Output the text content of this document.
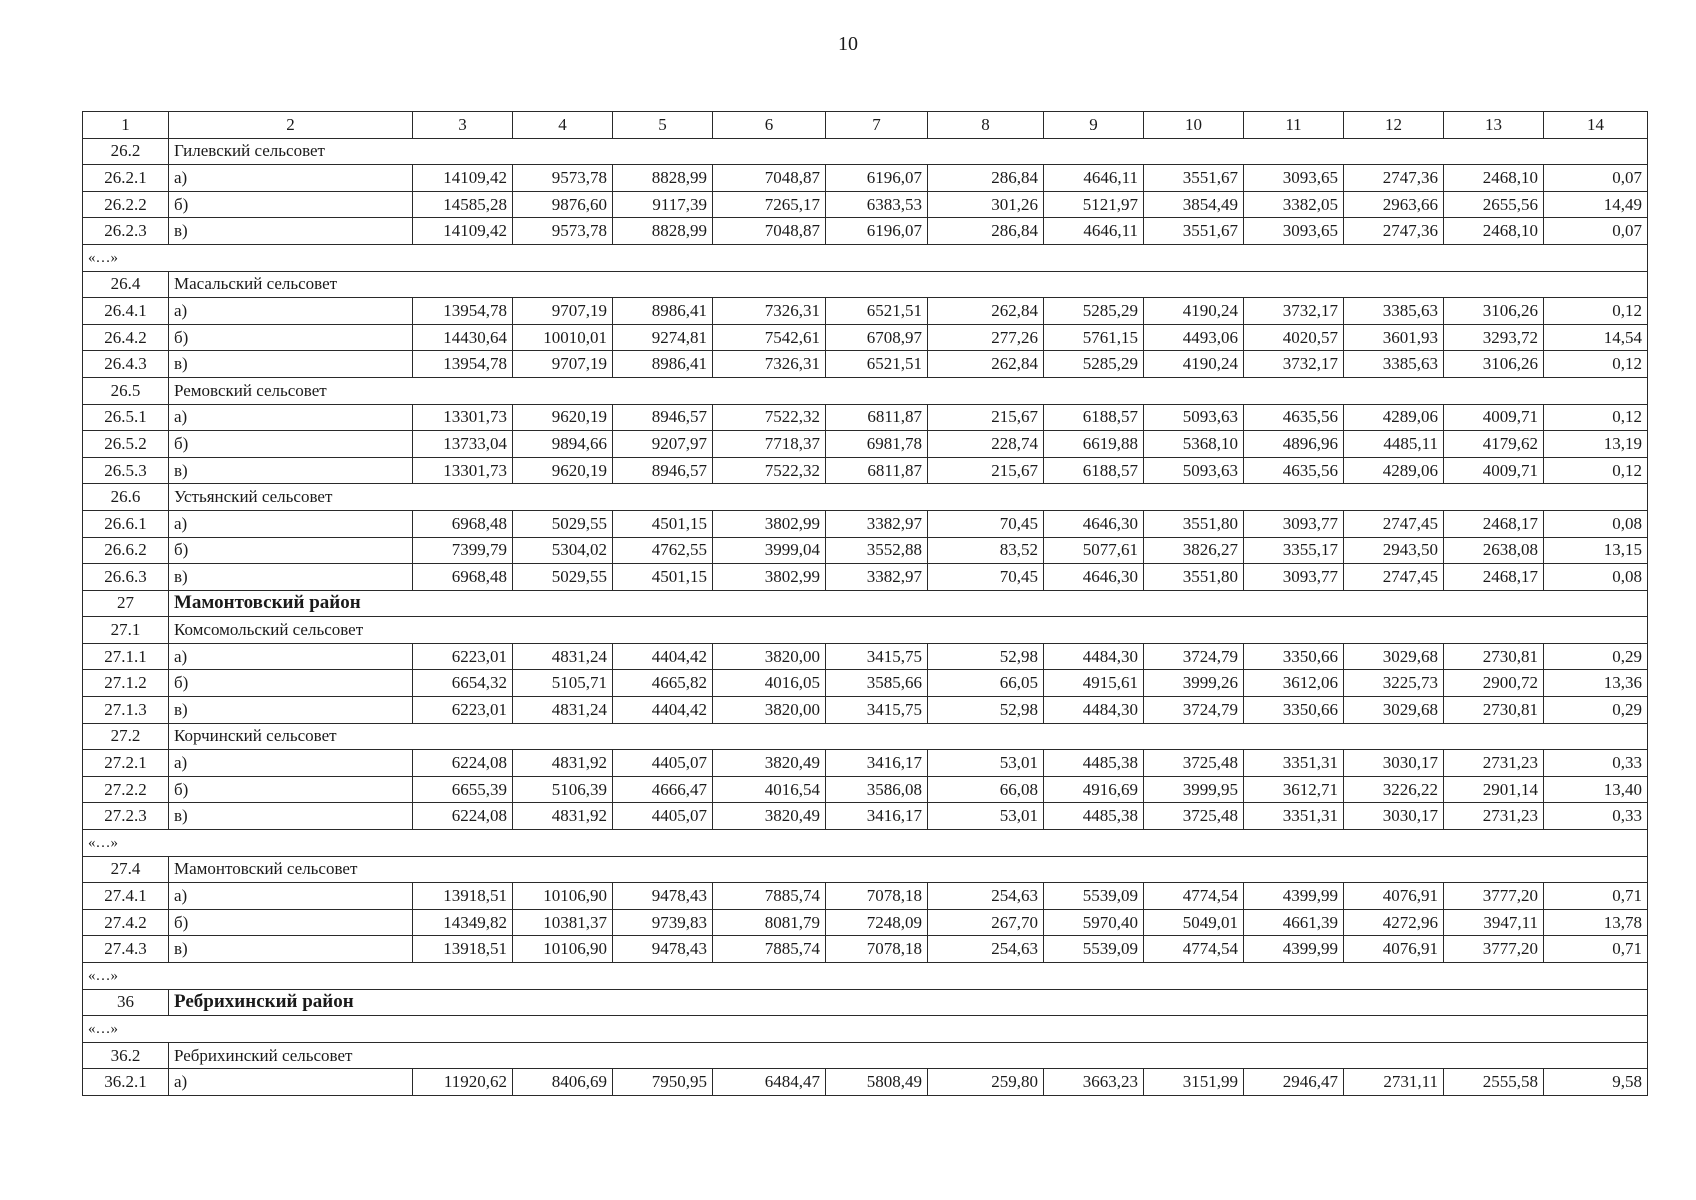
10
1	2	3	4	5	6	7	8	9	10	11	12	13	14
26.2	Гилевский сельсовет												
26.2.1	а)	14109,42	9573,78	8828,99	7048,87	6196,07	286,84	4646,11	3551,67	3093,65	2747,36	2468,10	0,07
26.2.2	б)	14585,28	9876,60	9117,39	7265,17	6383,53	301,26	5121,97	3854,49	3382,05	2963,66	2655,56	14,49
26.2.3	в)	14109,42	9573,78	8828,99	7048,87	6196,07	286,84	4646,11	3551,67	3093,65	2747,36	2468,10	0,07
«…»													
26.4	Масальский сельсовет												
26.4.1	а)	13954,78	9707,19	8986,41	7326,31	6521,51	262,84	5285,29	4190,24	3732,17	3385,63	3106,26	0,12
26.4.2	б)	14430,64	10010,01	9274,81	7542,61	6708,97	277,26	5761,15	4493,06	4020,57	3601,93	3293,72	14,54
26.4.3	в)	13954,78	9707,19	8986,41	7326,31	6521,51	262,84	5285,29	4190,24	3732,17	3385,63	3106,26	0,12
26.5	Ремовский сельсовет												
26.5.1	а)	13301,73	9620,19	8946,57	7522,32	6811,87	215,67	6188,57	5093,63	4635,56	4289,06	4009,71	0,12
26.5.2	б)	13733,04	9894,66	9207,97	7718,37	6981,78	228,74	6619,88	5368,10	4896,96	4485,11	4179,62	13,19
26.5.3	в)	13301,73	9620,19	8946,57	7522,32	6811,87	215,67	6188,57	5093,63	4635,56	4289,06	4009,71	0,12
26.6	Устьянский сельсовет												
26.6.1	а)	6968,48	5029,55	4501,15	3802,99	3382,97	70,45	4646,30	3551,80	3093,77	2747,45	2468,17	0,08
26.6.2	б)	7399,79	5304,02	4762,55	3999,04	3552,88	83,52	5077,61	3826,27	3355,17	2943,50	2638,08	13,15
26.6.3	в)	6968,48	5029,55	4501,15	3802,99	3382,97	70,45	4646,30	3551,80	3093,77	2747,45	2468,17	0,08
27	Мамонтовский район												
27.1	Комсомольский сельсовет												
27.1.1	а)	6223,01	4831,24	4404,42	3820,00	3415,75	52,98	4484,30	3724,79	3350,66	3029,68	2730,81	0,29
27.1.2	б)	6654,32	5105,71	4665,82	4016,05	3585,66	66,05	4915,61	3999,26	3612,06	3225,73	2900,72	13,36
27.1.3	в)	6223,01	4831,24	4404,42	3820,00	3415,75	52,98	4484,30	3724,79	3350,66	3029,68	2730,81	0,29
27.2	Корчинский сельсовет												
27.2.1	а)	6224,08	4831,92	4405,07	3820,49	3416,17	53,01	4485,38	3725,48	3351,31	3030,17	2731,23	0,33
27.2.2	б)	6655,39	5106,39	4666,47	4016,54	3586,08	66,08	4916,69	3999,95	3612,71	3226,22	2901,14	13,40
27.2.3	в)	6224,08	4831,92	4405,07	3820,49	3416,17	53,01	4485,38	3725,48	3351,31	3030,17	2731,23	0,33
«…»													
27.4	Мамонтовский сельсовет												
27.4.1	а)	13918,51	10106,90	9478,43	7885,74	7078,18	254,63	5539,09	4774,54	4399,99	4076,91	3777,20	0,71
27.4.2	б)	14349,82	10381,37	9739,83	8081,79	7248,09	267,70	5970,40	5049,01	4661,39	4272,96	3947,11	13,78
27.4.3	в)	13918,51	10106,90	9478,43	7885,74	7078,18	254,63	5539,09	4774,54	4399,99	4076,91	3777,20	0,71
«…»													
36	Ребрихинский район												
«…»													
36.2	Ребрихинский сельсовет												
36.2.1	а)	11920,62	8406,69	7950,95	6484,47	5808,49	259,80	3663,23	3151,99	2946,47	2731,11	2555,58	9,58
